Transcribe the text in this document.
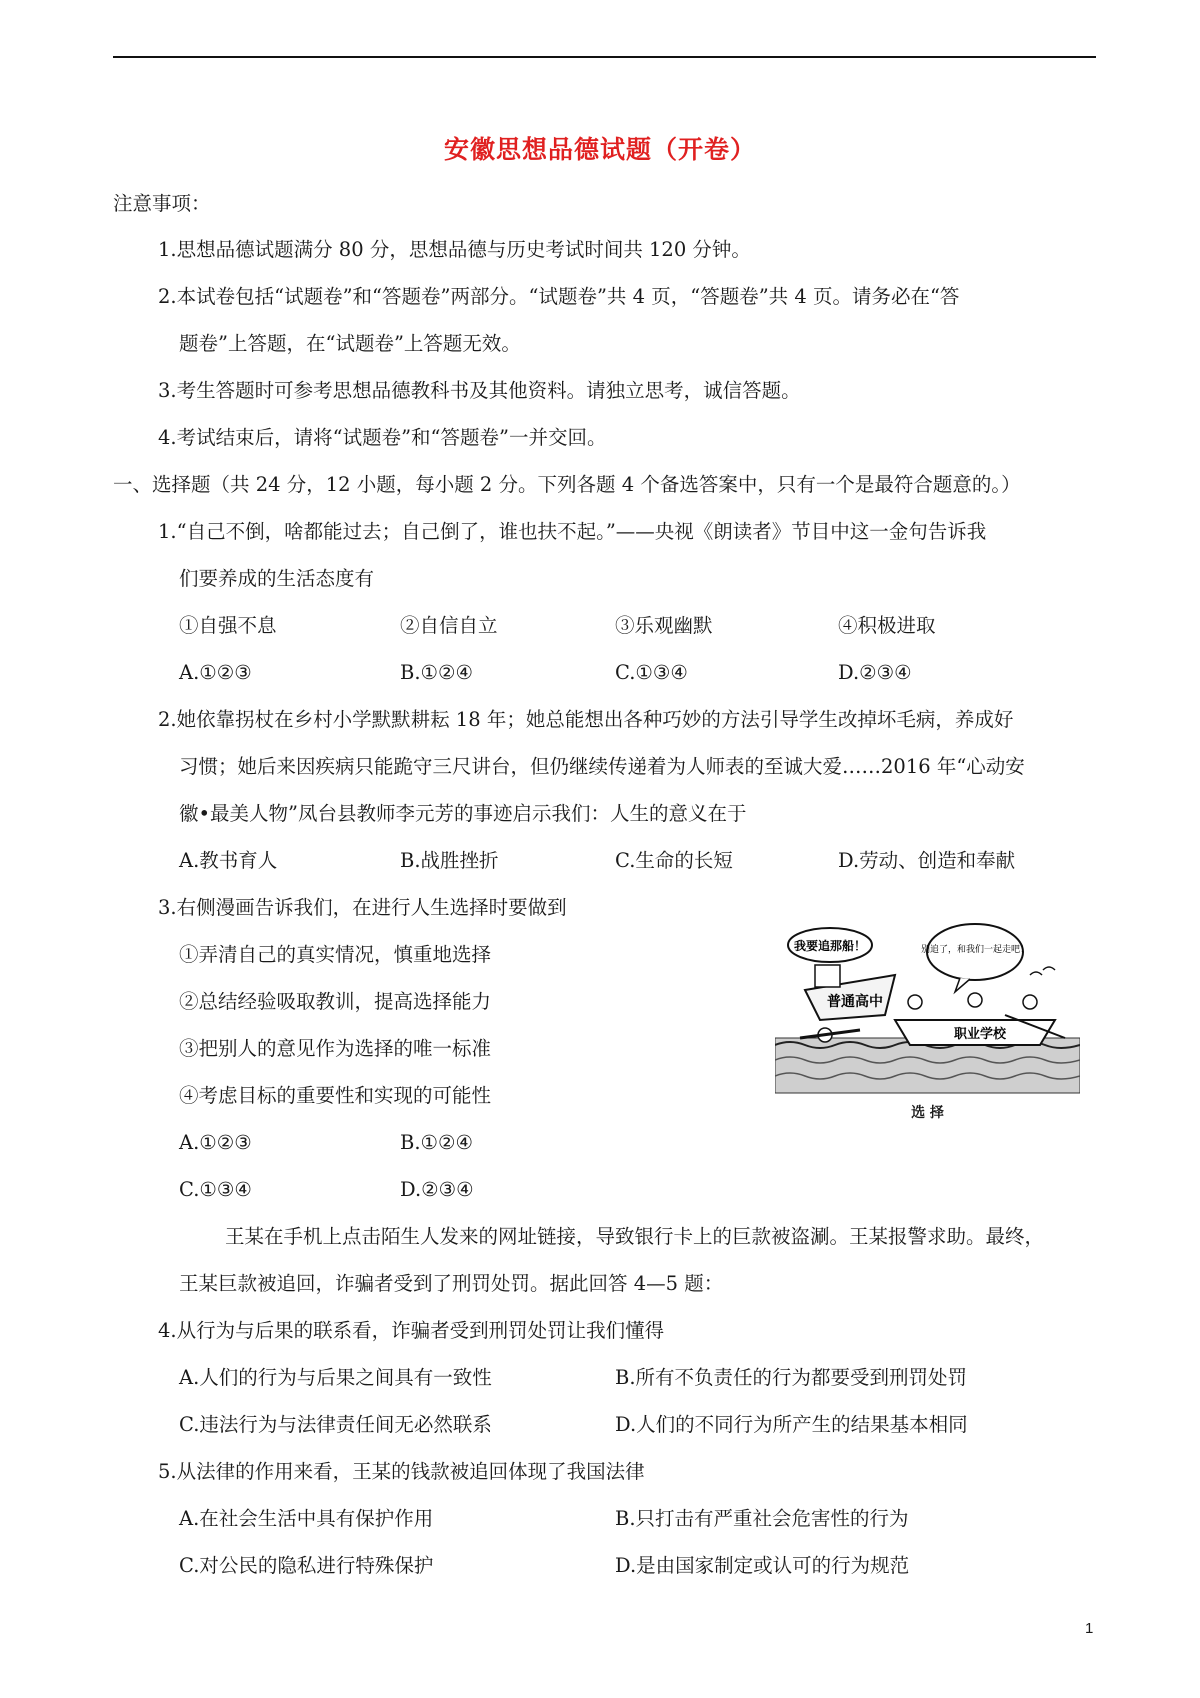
安徽思想品德试题（开卷）
注意事项：
1.思想品德试题满分 80 分，思想品德与历史考试时间共 120 分钟。
2.本试卷包括“试题卷”和“答题卷”两部分。“试题卷”共 4 页，“答题卷”共 4 页。请务必在“答
题卷”上答题，在“试题卷”上答题无效。
3.考生答题时可参考思想品德教科书及其他资料。请独立思考，诚信答题。
4.考试结束后，请将“试题卷”和“答题卷”一并交回。
一、选择题（共 24 分，12 小题，每小题 2 分。下列各题 4 个备选答案中，只有一个是最符合题意的。）
1.“自己不倒，啥都能过去；自己倒了，谁也扶不起。”——央视《朗读者》节目中这一金句告诉我
们要养成的生活态度有
①自强不息	②自信自立	③乐观幽默	④积极进取
A.①②③	B.①②④	C.①③④	D.②③④
2.她依靠拐杖在乡村小学默默耕耘 18 年；她总能想出各种巧妙的方法引导学生改掉坏毛病，养成好
习惯；她后来因疾病只能跪守三尺讲台，但仍继续传递着为人师表的至诚大爱……2016 年“心动安
徽•最美人物”凤台县教师李元芳的事迹启示我们：人生的意义在于
A.教书育人	B.战胜挫折	C.生命的长短	D.劳动、创造和奉献
3.右侧漫画告诉我们，在进行人生选择时要做到
①弄清自己的真实情况，慎重地选择
②总结经验吸取教训，提高选择能力
③把别人的意见作为选择的唯一标准
④考虑目标的重要性和实现的可能性
A.①②③	B.①②④
C.①③④	D.②③④
我要追那船！	别追了，和我们一起走吧！
普通高中
职业学校
选 择
王某在手机上点击陌生人发来的网址链接，导致银行卡上的巨款被盗涮。王某报警求助。最终，
王某巨款被追回，诈骗者受到了刑罚处罚。据此回答 4—5 题：
4.从行为与后果的联系看，诈骗者受到刑罚处罚让我们懂得
A.人们的行为与后果之间具有一致性	B.所有不负责任的行为都要受到刑罚处罚
C.违法行为与法律责任间无必然联系	D.人们的不同行为所产生的结果基本相同
5.从法律的作用来看，王某的钱款被追回体现了我国法律
A.在社会生活中具有保护作用	B.只打击有严重社会危害性的行为
C.对公民的隐私进行特殊保护	D.是由国家制定或认可的行为规范
1
